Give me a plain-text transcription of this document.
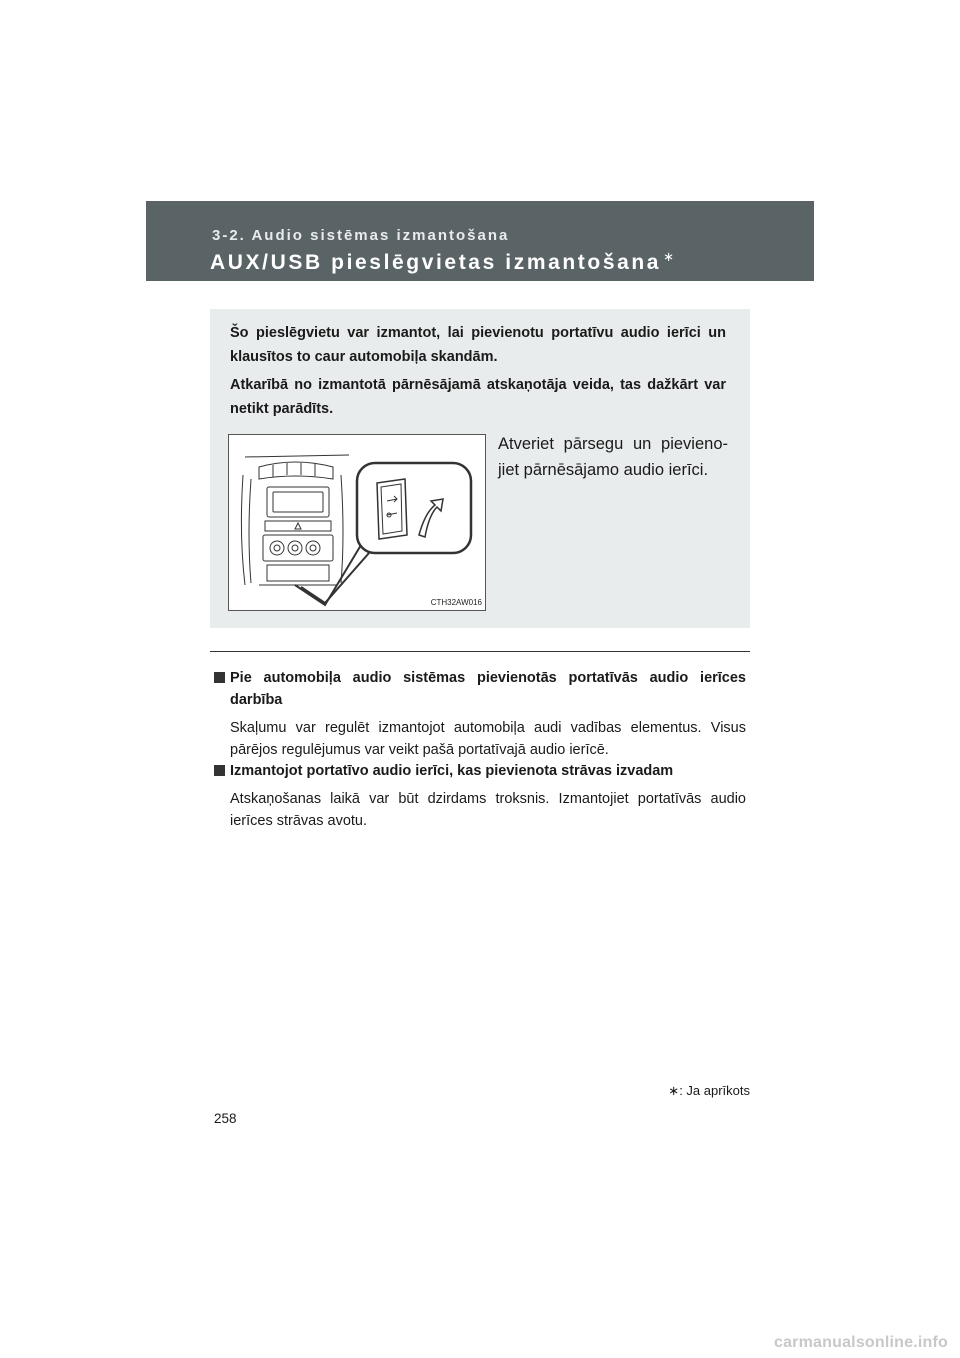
3-2. Audio sistēmas izmantošana
AUX/USB pieslēgvietas izmantošana ∗

Šo pieslēgvietu var izmantot, lai pievienotu portatīvu audio ierīci un klausītos to caur automobiļa skandām.

Atkarībā no izmantotā pārnēsājamā atskaņotāja veida, tas dažkārt var netikt parādīts.

CTH32AW016

Atveriet pārsegu un pievieno-jiet pārnēsājamo audio ierīci.

Pie automobiļa audio sistēmas pievienotās portatīvās audio ierīces darbība

Skaļumu var regulēt izmantojot automobiļa audi vadības elementus. Visus pārējos regulējumus var veikt pašā portatīvajā audio ierīcē.

Izmantojot portatīvo audio ierīci, kas pievienota strāvas izvadam

Atskaņošanas laikā var būt dzirdams troksnis. Izmantojiet portatīvās audio ierīces strāvas avotu.

∗: Ja aprīkots
258
carmanualsonline.info
